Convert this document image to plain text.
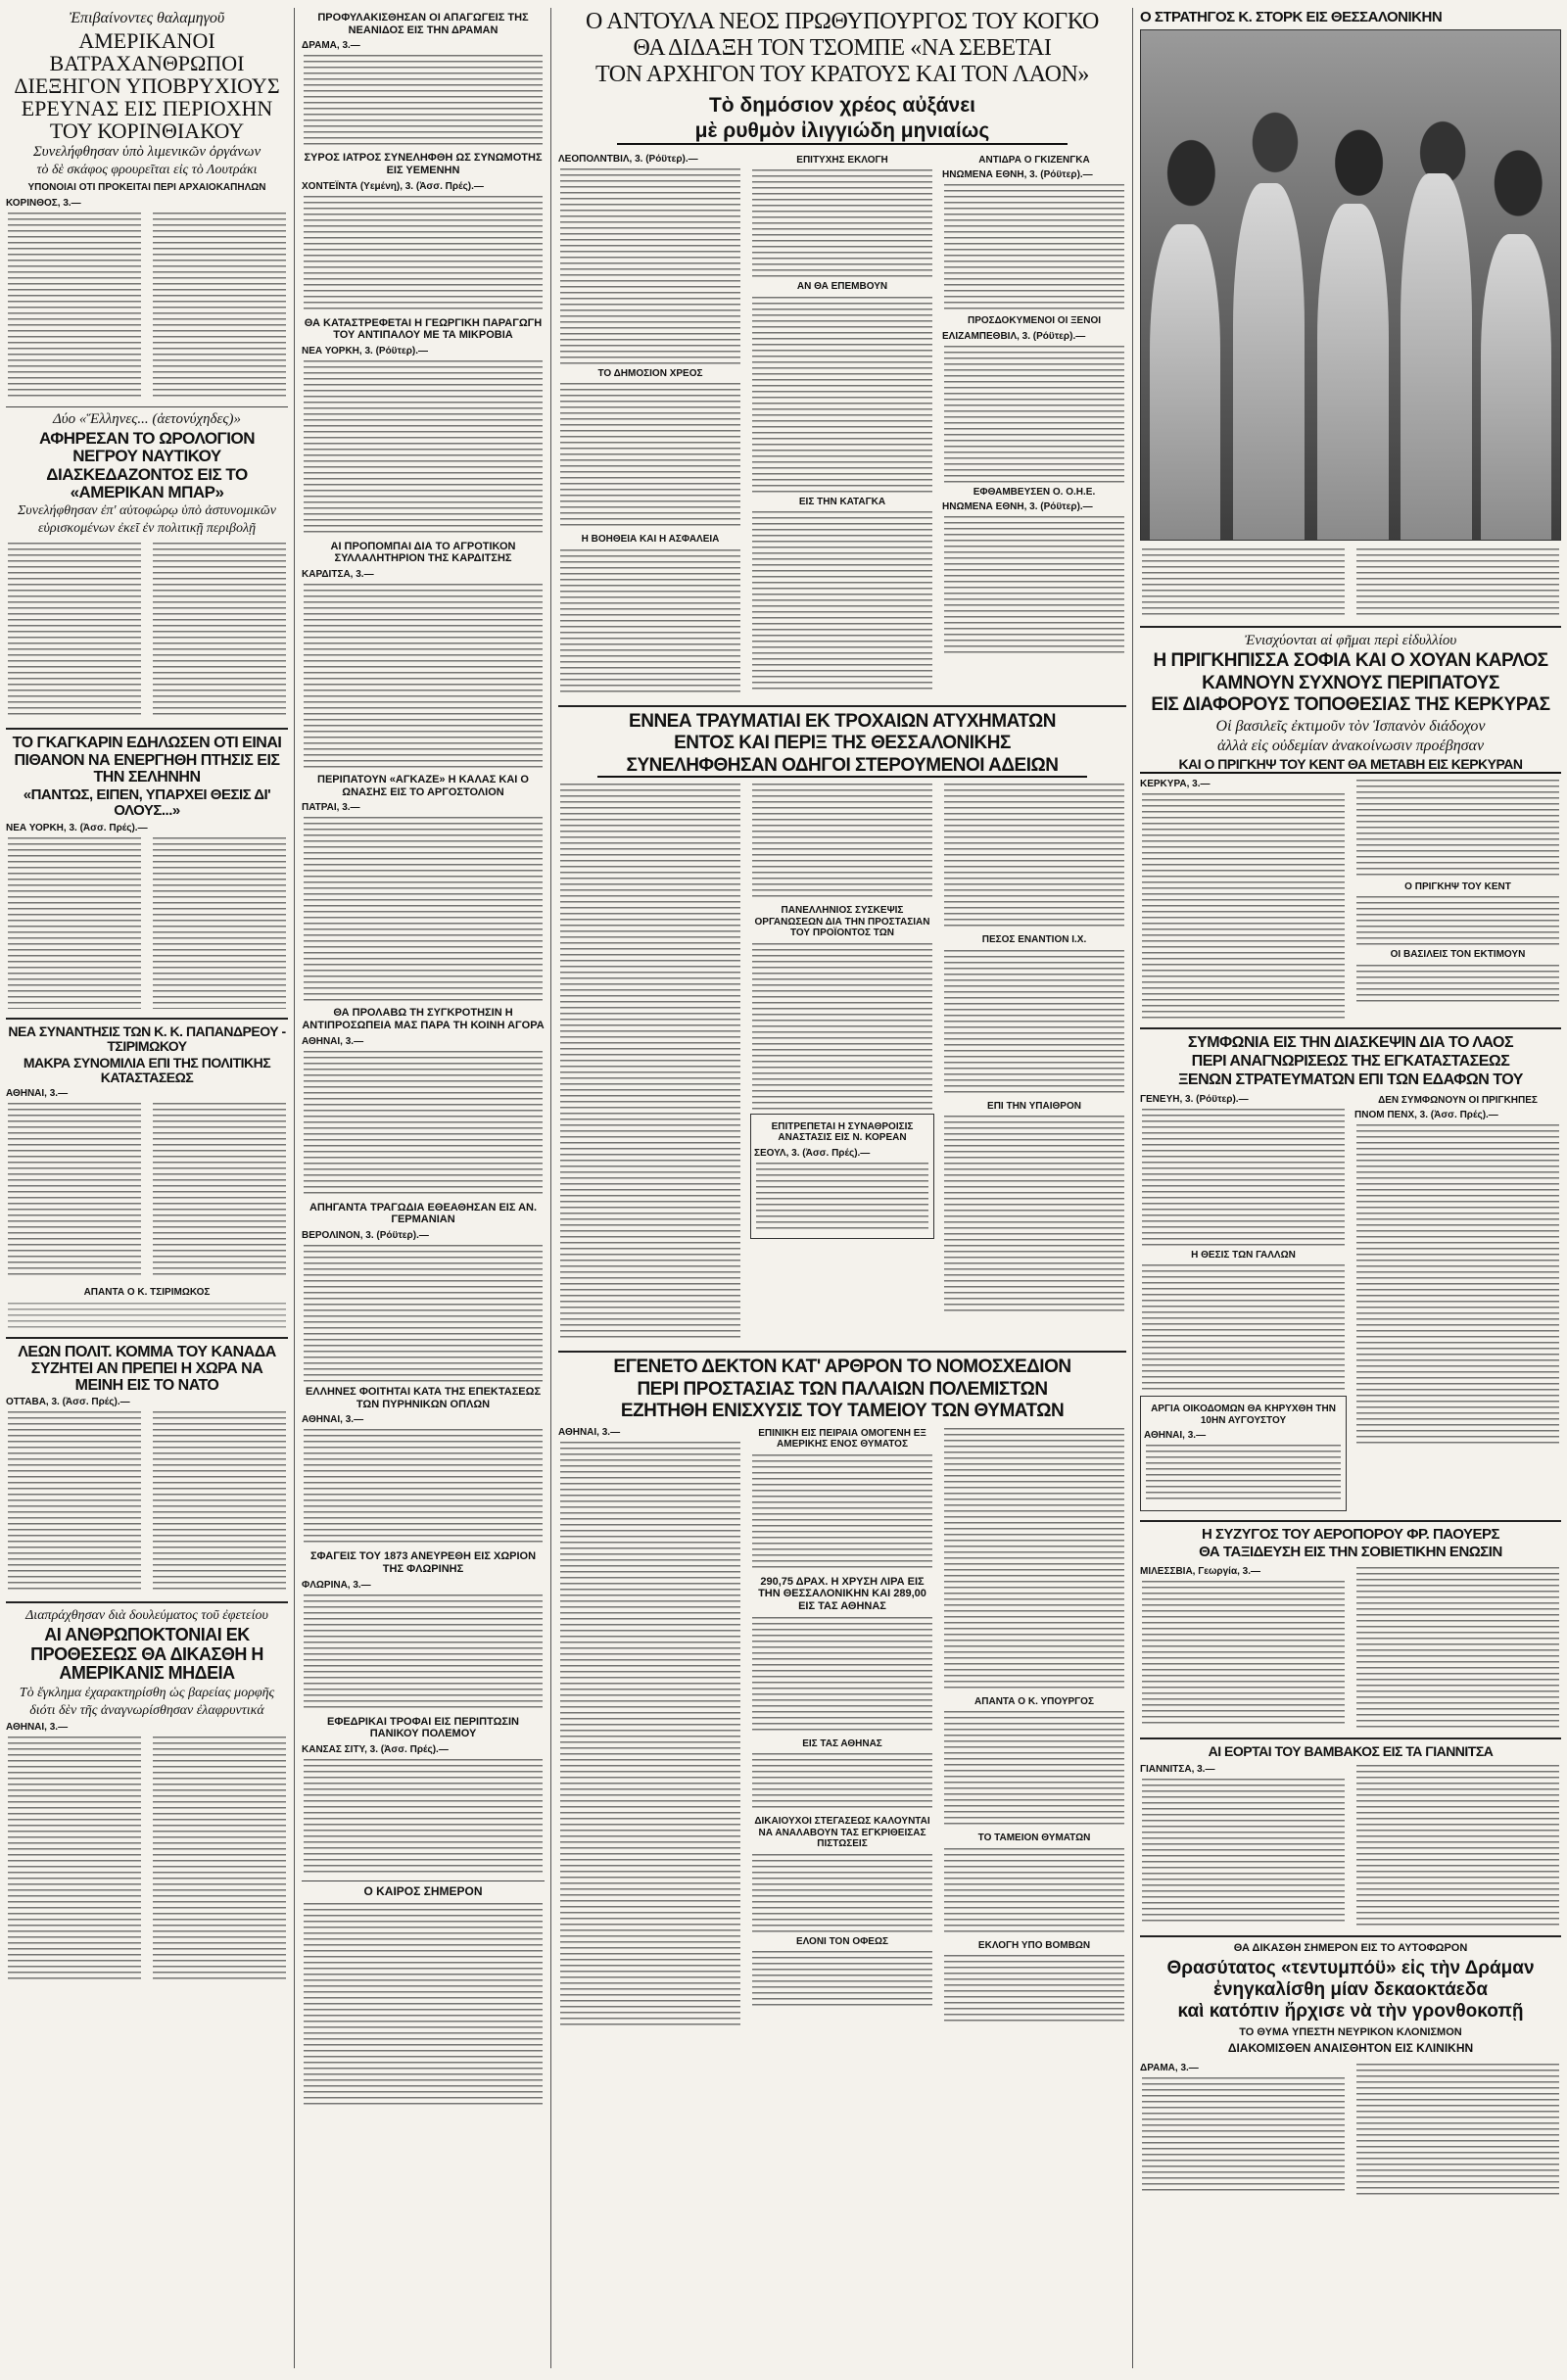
Ἐπιβαίνοντες θαλαμηγοῦ
ΑΜΕΡΙΚΑΝΟΙ ΒΑΤΡΑΧΑΝΘΡΩΠΟΙ ΔΙΕΞΗΓΟΝ ΥΠΟΒΡΥΧΙΟΥΣ ΕΡΕΥΝΑΣ ΕΙΣ ΠΕΡΙΟΧΗΝ ΤΟΥ ΚΟΡΙΝΘΙΑΚΟΥ
Συνελήφθησαν ὑπὸ λιμενικῶν ὀργάνων
τὸ δὲ σκάφος φρουρεῖται εἰς τὸ Λουτράκι
ΥΠΟΝΟΙΑΙ ΟΤΙ ΠΡΟΚΕΙΤΑΙ ΠΕΡΙ ΑΡΧΑΙΟΚΑΠΗΛΩΝ
ΚΟΡΙΝΘΟΣ, 3.—
Δύο «Ἕλληνες... (ἀετονύχηδες)»
ΑΦΗΡΕΣΑΝ ΤΟ ΩΡΟΛΟΓΙΟΝ ΝΕΓΡΟΥ ΝΑΥΤΙΚΟΥ ΔΙΑΣΚΕΔΑΖΟΝΤΟΣ ΕΙΣ ΤΟ «ΑΜΕΡΙΚΑΝ ΜΠΑΡ»
Συνελήφθησαν ἐπ' αὐτοφώρῳ ὑπὸ ἀστυνομικῶν
εὑρισκομένων ἐκεῖ ἐν πολιτικῇ περιβολῇ
ΤΟ ΓΚΑΓΚΑΡΙΝ ΕΔΗΛΩΣΕΝ ΟΤΙ ΕΙΝΑΙ ΠΙΘΑΝΟΝ ΝΑ ΕΝΕΡΓΗΘΗ ΠΤΗΣΙΣ ΕΙΣ ΤΗΝ ΣΕΛΗΝΗΝ
«ΠΑΝΤΩΣ, ΕΙΠΕΝ, ΥΠΑΡΧΕΙ ΘΕΣΙΣ ΔΙ' ΟΛΟΥΣ...»
ΝΕΑ ΥΟΡΚΗ, 3. (Ἀσσ. Πρές).—
ΝΕΑ ΣΥΝΑΝΤΗΣΙΣ ΤΩΝ Κ. Κ. ΠΑΠΑΝΔΡΕΟΥ - ΤΣΙΡΙΜΩΚΟΥ
ΜΑΚΡΑ ΣΥΝΟΜΙΛΙΑ ΕΠΙ ΤΗΣ ΠΟΛΙΤΙΚΗΣ ΚΑΤΑΣΤΑΣΕΩΣ
ΑΘΗΝΑΙ, 3.—
ΑΠΑΝΤΑ Ο Κ. ΤΣΙΡΙΜΩΚΟΣ
ΛΕΩΝ ΠΟΛΙΤ. ΚΟΜΜΑ ΤΟΥ ΚΑΝΑΔΑ ΣΥΖΗΤΕΙ ΑΝ ΠΡΕΠΕΙ Η ΧΩΡΑ ΝΑ ΜΕΙΝΗ ΕΙΣ ΤΟ ΝΑΤΟ
ΟΤΤΑΒΑ, 3. (Ἀσσ. Πρές).—
Διαπράχθησαν διὰ δουλεύματος τοῦ ἐφετείου
ΑΙ ΑΝΘΡΩΠΟΚΤΟΝΙΑΙ ΕΚ ΠΡΟΘΕΣΕΩΣ ΘΑ ΔΙΚΑΣΘΗ Η ΑΜΕΡΙΚΑΝΙΣ ΜΗΔΕΙΑ
Τὸ ἔγκλημα ἐχαρακτηρίσθη ὡς βαρείας μορφῆς
διότι δὲν τῆς ἀναγνωρίσθησαν ἐλαφρυντικά
ΑΘΗΝΑΙ, 3.—
ΠΡΟΦΥΛΑΚΙΣΘΗΣΑΝ ΟΙ ΑΠΑΓΩΓΕΙΣ ΤΗΣ ΝΕΑΝΙΔΟΣ ΕΙΣ ΤΗΝ ΔΡΑΜΑΝ
ΔΡΑΜΑ, 3.—
ΣΥΡΟΣ ΙΑΤΡΟΣ ΣΥΝΕΛΗΦΘΗ ΩΣ ΣΥΝΩΜΟΤΗΣ ΕΙΣ ΥΕΜΕΝΗΝ
ΧΟΝΤΕΪΝΤΑ (Υεμένη), 3. (Ἀσσ. Πρές).—
ΘΑ ΚΑΤΑΣΤΡΕΦΕΤΑΙ Η ΓΕΩΡΓΙΚΗ ΠΑΡΑΓΩΓΗ ΤΟΥ ΑΝΤΙΠΑΛΟΥ ΜΕ ΤΑ ΜΙΚΡΟΒΙΑ
ΝΕΑ ΥΟΡΚΗ, 3. (Ρόϋτερ).—
ΑΙ ΠΡΟΠΟΜΠΑΙ ΔΙΑ ΤΟ ΑΓΡΟΤΙΚΟΝ ΣΥΛΛΑΛΗΤΗΡΙΟΝ ΤΗΣ ΚΑΡΔΙΤΣΗΣ
ΚΑΡΔΙΤΣΑ, 3.—
ΠΕΡΙΠΑΤΟΥΝ «ΑΓΚΑΖΕ» Η ΚΑΛΑΣ ΚΑΙ Ο ΩΝΑΣΗΣ ΕΙΣ ΤΟ ΑΡΓΟΣΤΟΛΙΟΝ
ΠΑΤΡΑΙ, 3.—
ΘΑ ΠΡΟΛΑΒΩ ΤΗ ΣΥΓΚΡΟΤΗΣΙΝ Η ΑΝΤΙΠΡΟΣΩΠΕΙΑ ΜΑΣ ΠΑΡΑ ΤΗ ΚΟΙΝΗ ΑΓΟΡΑ
ΑΘΗΝΑΙ, 3.—
ΑΠΗΓΑΝΤΑ ΤΡΑΓΩΔΙΑ ΕΘΕΑΘΗΣΑΝ ΕΙΣ ΑΝ. ΓΕΡΜΑΝΙΑΝ
ΒΕΡΟΛΙΝΟΝ, 3. (Ρόϋτερ).—
ΕΛΛΗΝΕΣ ΦΟΙΤΗΤΑΙ ΚΑΤΑ ΤΗΣ ΕΠΕΚΤΑΣΕΩΣ ΤΩΝ ΠΥΡΗΝΙΚΩΝ ΟΠΛΩΝ
ΑΘΗΝΑΙ, 3.—
ΣΦΑΓΕΙΣ ΤΟΥ 1873 ΑΝΕΥΡΕΘΗ ΕΙΣ ΧΩΡΙΟΝ ΤΗΣ ΦΛΩΡΙΝΗΣ
ΦΛΩΡΙΝΑ, 3.—
ΕΦΕΔΡΙΚΑΙ ΤΡΟΦΑΙ ΕΙΣ ΠΕΡΙΠΤΩΣΙΝ ΠΑΝΙΚΟΥ ΠΟΛΕΜΟΥ
ΚΑΝΣΑΣ ΣΙΤΥ, 3. (Ἀσσ. Πρές).—
Ο ΚΑΙΡΟΣ ΣΗΜΕΡΟΝ
Ο ΑΝΤΟΥΛΑ ΝΕΟΣ ΠΡΩΘΥΠΟΥΡΓΟΣ ΤΟΥ ΚΟΓΚΟ
ΘΑ ΔΙΔΑΞΗ ΤΟΝ ΤΣΟΜΠΕ «ΝΑ ΣΕΒΕΤΑΙ
ΤΟΝ ΑΡΧΗΓΟΝ ΤΟΥ ΚΡΑΤΟΥΣ ΚΑΙ ΤΟΝ ΛΑΟΝ»
Τὸ δημόσιον χρέος αὐξάνει
μὲ ρυθμὸν ἰλιγγιώδη μηνιαίως
ΛΕΟΠΟΛΝΤΒΙΛ, 3. (Ρόϋτερ).—
ΤΟ ΔΗΜΟΣΙΟΝ ΧΡΕΟΣ
Η ΒΟΗΘΕΙΑ ΚΑΙ Η ΑΣΦΑΛΕΙΑ
ΕΠΙΤΥΧΗΣ ΕΚΛΟΓΗ
ΑΝ ΘΑ ΕΠΕΜΒΟΥΝ
ΕΙΣ ΤΗΝ ΚΑΤΑΓΚΑ
ΑΝΤΙΔΡΑ Ο ΓΚΙΖΕΝΓΚΑ
ΗΝΩΜΕΝΑ ΕΘΝΗ, 3. (Ρόϋτερ).—
ΠΡΟΣΔΟΚΥΜΕΝΟΙ ΟΙ ΞΕΝΟΙ
ΕΛΙΖΑΜΠΕΘΒΙΛ, 3. (Ρόϋτερ).—
ΕΦΘΑΜΒΕΥΣΕΝ Ο. Ο.Η.Ε.
ΗΝΩΜΕΝΑ ΕΘΝΗ, 3. (Ρόϋτερ).—
ΕΝΝΕΑ ΤΡΑΥΜΑΤΙΑΙ ΕΚ ΤΡΟΧΑΙΩΝ ΑΤΥΧΗΜΑΤΩΝ
ΕΝΤΟΣ ΚΑΙ ΠΕΡΙΞ ΤΗΣ ΘΕΣΣΑΛΟΝΙΚΗΣ
ΣΥΝΕΛΗΦΘΗΣΑΝ ΟΔΗΓΟΙ ΣΤΕΡΟΥΜΕΝΟΙ ΑΔΕΙΩΝ
ΠΑΝΕΛΛΗΝΙΟΣ ΣΥΣΚΕΨΙΣ ΟΡΓΑΝΩΣΕΩΝ ΔΙΑ ΤΗΝ ΠΡΟΣΤΑΣΙΑΝ ΤΟΥ ΠΡΟΪΟΝΤΟΣ ΤΩΝ
ΕΠΙΤΡΕΠΕΤΑΙ Η ΣΥΝΑΘΡΟΙΣΙΣ ΑΝΑΣΤΑΣΙΣ ΕΙΣ Ν. ΚΟΡΕΑΝ
ΣΕΟΥΛ, 3. (Ἀσσ. Πρές).—
ΠΕΣΟΣ ΕΝΑΝΤΙΟΝ Ι.Χ.
ΕΠΙ ΤΗΝ ΥΠΑΙΘΡΟΝ
ΕΓΕΝΕΤΟ ΔΕΚΤΟΝ ΚΑΤ' ΑΡΘΡΟΝ ΤΟ ΝΟΜΟΣΧΕΔΙΟΝ
ΠΕΡΙ ΠΡΟΣΤΑΣΙΑΣ ΤΩΝ ΠΑΛΑΙΩΝ ΠΟΛΕΜΙΣΤΩΝ
ΕΖΗΤΗΘΗ ΕΝΙΣΧΥΣΙΣ ΤΟΥ ΤΑΜΕΙΟΥ ΤΩΝ ΘΥΜΑΤΩΝ
ΑΘΗΝΑΙ, 3.—	ΕΠΙΝΙΚΗ ΕΙΣ ΠΕΙΡΑΙΑ ΟΜΟΓΕΝΗ ΕΞ ΑΜΕΡΙΚΗΣ ΕΝΟΣ ΘΥΜΑΤΟΣ
290,75 ΔΡΑΧ. Η ΧΡΥΣΗ ΛΙΡΑ ΕΙΣ ΤΗΝ ΘΕΣΣΑΛΟΝΙΚΗΝ ΚΑΙ 289,00 ΕΙΣ ΤΑΣ ΑΘΗΝΑΣ
ΕΙΣ ΤΑΣ ΑΘΗΝΑΣ
ΔΙΚΑΙΟΥΧΟΙ ΣΤΕΓΑΣΕΩΣ ΚΑΛΟΥΝΤΑΙ ΝΑ ΑΝΑΛΑΒΟΥΝ ΤΑΣ ΕΓΚΡΙΘΕΙΣΑΣ ΠΙΣΤΩΣΕΙΣ
ΕΛΟΝΙ ΤΟΝ ΟΦΕΩΣ
ΑΠΑΝΤΑ Ο Κ. ΥΠΟΥΡΓΟΣ
ΤΟ ΤΑΜΕΙΟΝ ΘΥΜΑΤΩΝ
ΕΚΛΟΓΗ ΥΠΟ ΒΟΜΒΩΝ
Ο ΣΤΡΑΤΗΓΟΣ Κ. ΣΤΟΡΚ ΕΙΣ ΘΕΣΣΑΛΟΝΙΚΗΝ
Ἐνισχύονται αἱ φῆμαι περὶ εἰδυλλίου
Η ΠΡΙΓΚΗΠΙΣΣΑ ΣΟΦΙΑ ΚΑΙ Ο ΧΟΥΑΝ ΚΑΡΛΟΣ
ΚΑΜΝΟΥΝ ΣΥΧΝΟΥΣ ΠΕΡΙΠΑΤΟΥΣ
ΕΙΣ ΔΙΑΦΟΡΟΥΣ ΤΟΠΟΘΕΣΙΑΣ ΤΗΣ ΚΕΡΚΥΡΑΣ
Οἱ βασιλεῖς ἐκτιμοῦν τὸν Ἱσπανὸν διάδοχον
ἀλλὰ εἰς οὐδεμίαν ἀνακοίνωσιν προέβησαν
ΚΑΙ Ο ΠΡΙΓΚΗΨ ΤΟΥ ΚΕΝΤ ΘΑ ΜΕΤΑΒΗ ΕΙΣ ΚΕΡΚΥΡΑΝ
ΚΕΡΚΥΡΑ, 3.—
Ο ΠΡΙΓΚΗΨ ΤΟΥ ΚΕΝΤ
ΟΙ ΒΑΣΙΛΕΙΣ ΤΟΝ ΕΚΤΙΜΟΥΝ
ΣΥΜΦΩΝΙΑ ΕΙΣ ΤΗΝ ΔΙΑΣΚΕΨΙΝ ΔΙΑ ΤΟ ΛΑΟΣ
ΠΕΡΙ ΑΝΑΓΝΩΡΙΣΕΩΣ ΤΗΣ ΕΓΚΑΤΑΣΤΑΣΕΩΣ
ΞΕΝΩΝ ΣΤΡΑΤΕΥΜΑΤΩΝ ΕΠΙ ΤΩΝ ΕΔΑΦΩΝ ΤΟΥ
ΓΕΝΕΥΗ, 3. (Ρόϋτερ).—
Η ΘΕΣΙΣ ΤΩΝ ΓΑΛΛΩΝ
ΑΡΓΙΑ ΟΙΚΟΔΟΜΩΝ ΘΑ ΚΗΡΥΧΘΗ ΤΗΝ 10ΗΝ ΑΥΓΟΥΣΤΟΥ
ΑΘΗΝΑΙ, 3.—
ΔΕΝ ΣΥΜΦΩΝΟΥΝ ΟΙ ΠΡΙΓΚΗΠΕΣ
ΠΝΟΜ ΠΕΝΧ, 3. (Ἀσσ. Πρές).—
Η ΣΥΖΥΓΟΣ ΤΟΥ ΑΕΡΟΠΟΡΟΥ ΦΡ. ΠΑΟΥΕΡΣ
ΘΑ ΤΑΞΙΔΕΥΣΗ ΕΙΣ ΤΗΝ ΣΟΒΙΕΤΙΚΗΝ ΕΝΩΣΙΝ
ΜΙΛΕΣΣΒΙΑ, Γεωργία, 3.—
ΑΙ ΕΟΡΤΑΙ ΤΟΥ ΒΑΜΒΑΚΟΣ ΕΙΣ ΤΑ ΓΙΑΝΝΙΤΣΑ
ΓΙΑΝΝΙΤΣΑ, 3.—
ΘΑ ΔΙΚΑΣΘΗ ΣΗΜΕΡΟΝ ΕΙΣ ΤΟ ΑΥΤΟΦΩΡΟΝ
Θρασύτατος «τεντυμπόϋ» εἰς τὴν Δράμαν
ἐνηγκαλίσθη μίαν δεκαοκτάεδα
καὶ κατόπιν ἤρχισε νὰ τὴν γρονθοκοπῇ
ΤΟ ΘΥΜΑ ΥΠΕΣΤΗ ΝΕΥΡΙΚΟΝ ΚΛΟΝΙΣΜΟΝ
ΔΙΑΚΟΜΙΣΘΕΝ ΑΝΑΙΣΘΗΤΟΝ ΕΙΣ ΚΛΙΝΙΚΗΝ
ΔΡΑΜΑ, 3.—
